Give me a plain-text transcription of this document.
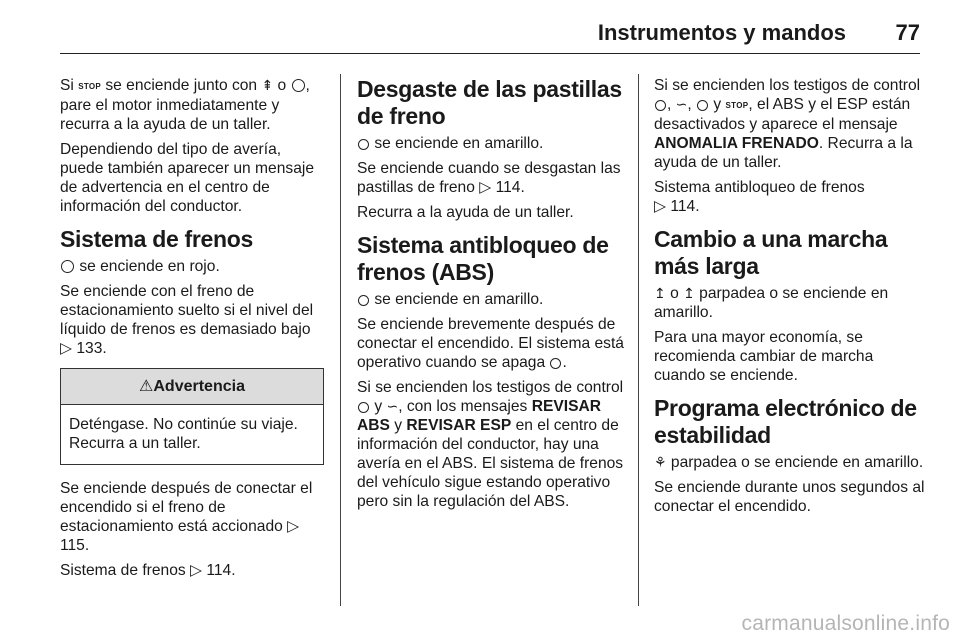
Instrumentos y mandos 77

Si STOP se enciende junto con ⇞ o , pare el motor inmediatamente y recurra a la ayuda de un taller.

Dependiendo del tipo de avería, puede también aparecer un mensaje de advertencia en el centro de información del conductor.

Sistema de frenos

se enciende en rojo.

Se enciende con el freno de estacionamiento suelto si el nivel del líquido de frenos es demasiado bajo ▷ 133.

⚠Advertencia
Deténgase. No continúe su viaje. Recurra a un taller.

Se enciende después de conectar el encendido si el freno de estacionamiento está accionado ▷ 115.

Sistema de frenos ▷ 114.

Desgaste de las pastillas de freno

se enciende en amarillo.

Se enciende cuando se desgastan las pastillas de freno ▷ 114.

Recurra a la ayuda de un taller.

Sistema antibloqueo de frenos (ABS)

se enciende en amarillo.

Se enciende brevemente después de conectar el encendido. El sistema está operativo cuando se apaga .

Si se encienden los testigos de control  y ∽, con los mensajes REVISAR ABS y REVISAR ESP en el centro de información del conductor, hay una avería en el ABS. El sistema de frenos del vehículo sigue estando operativo pero sin la regulación del ABS.

Si se encienden los testigos de control , ∽,  y STOP, el ABS y el ESP están desactivados y aparece el mensaje ANOMALIA FRENADO. Recurra a la ayuda de un taller.

Sistema antibloqueo de frenos
▷ 114.

Cambio a una marcha más larga

↥ o ↥ parpadea o se enciende en amarillo.

Para una mayor economía, se recomienda cambiar de marcha cuando se enciende.

Programa electrónico de estabilidad

⚘ parpadea o se enciende en amarillo.

Se enciende durante unos segundos al conectar el encendido.

carmanualsonline.info
